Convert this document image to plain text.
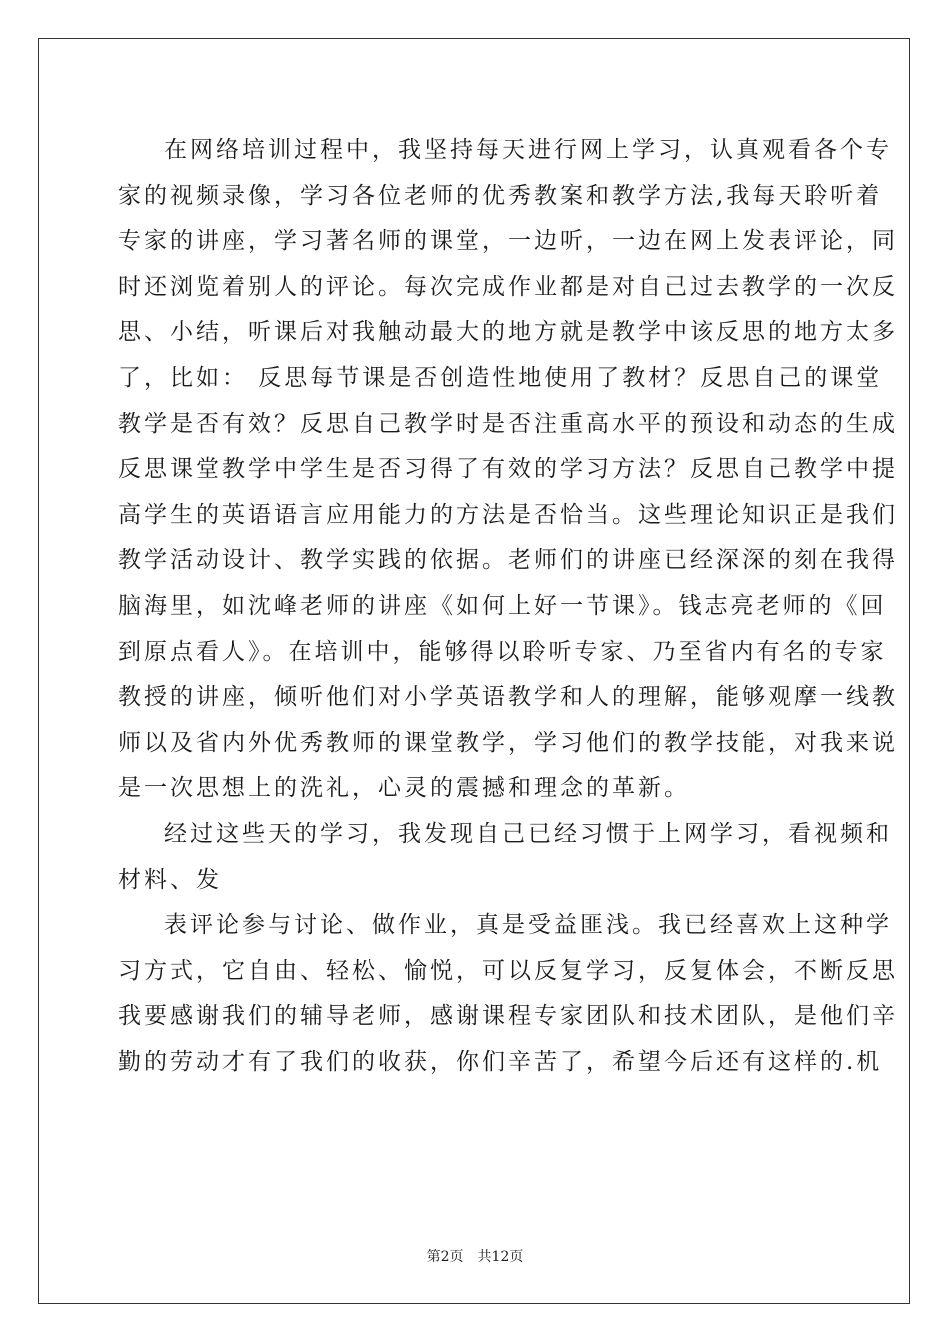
在网络培训过程中，我坚持每天进行网上学习，认真观看各个专
家的视频录像，学习各位老师的优秀教案和教学方法,我每天聆听着
专家的讲座，学习著名师的课堂，一边听，一边在网上发表评论，同
时还浏览着别人的评论。每次完成作业都是对自己过去教学的一次反
思、小结，听课后对我触动最大的地方就是教学中该反思的地方太多
了，比如： 反思每节课是否创造性地使用了教材？反思自己的课堂
教学是否有效？反思自己教学时是否注重高水平的预设和动态的生成
反思课堂教学中学生是否习得了有效的学习方法？反思自己教学中提
高学生的英语语言应用能力的方法是否恰当。这些理论知识正是我们
教学活动设计、教学实践的依据。老师们的讲座已经深深的刻在我得
脑海里，如沈峰老师的讲座《如何上好一节课》。钱志亮老师的《回
到原点看人》。在培训中，能够得以聆听专家、乃至省内有名的专家
教授的讲座，倾听他们对小学英语教学和人的理解，能够观摩一线教
师以及省内外优秀教师的课堂教学，学习他们的教学技能，对我来说
是一次思想上的洗礼，心灵的震撼和理念的革新。
经过这些天的学习，我发现自己已经习惯于上网学习，看视频和
材料、发
表评论参与讨论、做作业，真是受益匪浅。我已经喜欢上这种学
习方式，它自由、轻松、愉悦，可以反复学习，反复体会，不断反思
我要感谢我们的辅导老师，感谢课程专家团队和技术团队，是他们辛
勤的劳动才有了我们的收获，你们辛苦了，希望今后还有这样的.机
第2页 共12页
